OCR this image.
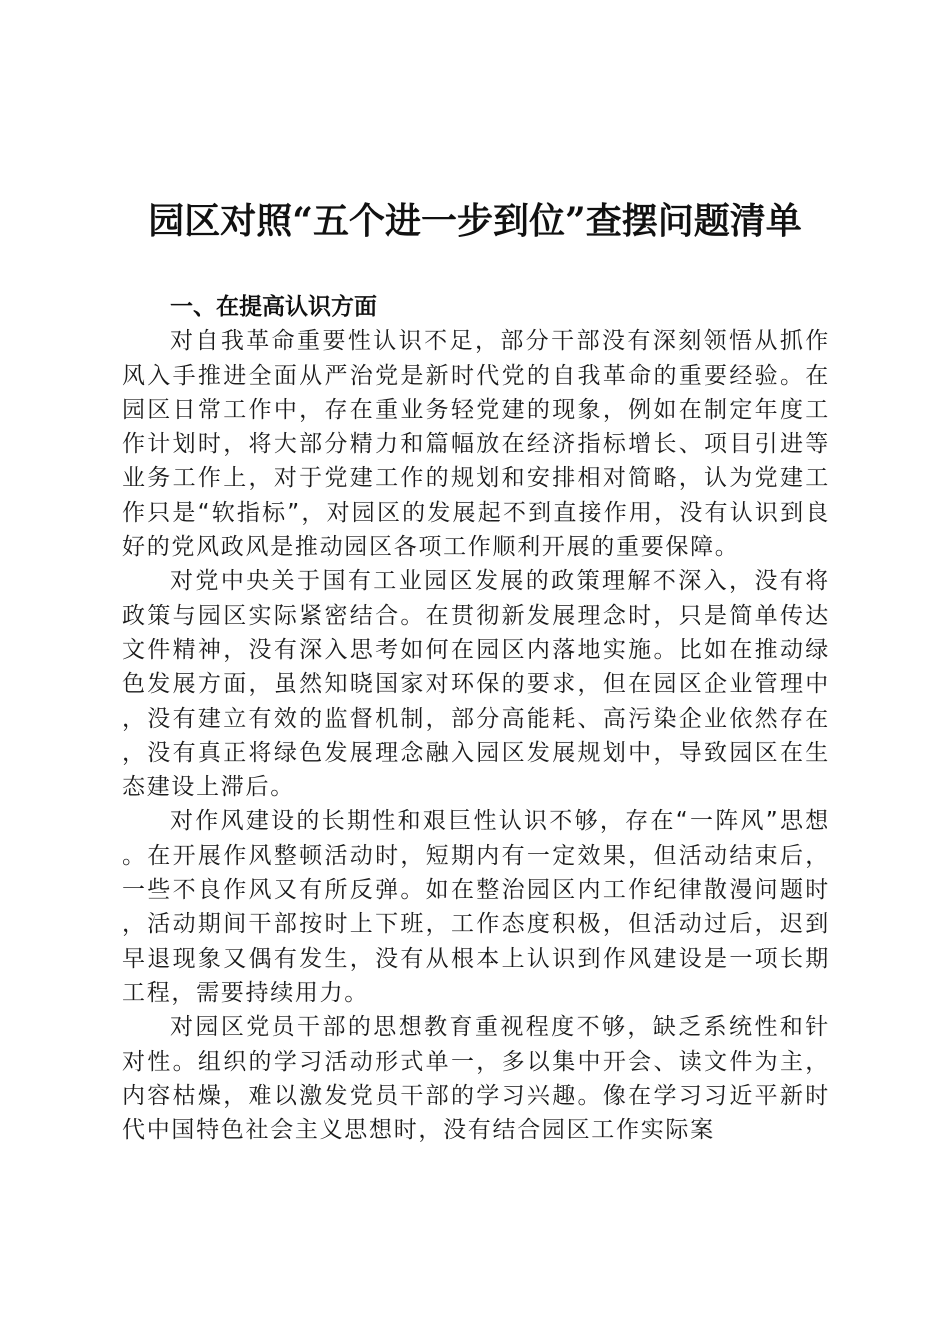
园区对照“五个进一步到位”查摆问题清单

一、在提高认识方面

对自我革命重要性认识不足，部分干部没有深刻领悟从抓作风入手推进全面从严治党是新时代党的自我革命的重要经验。在园区日常工作中，存在重业务轻党建的现象，例如在制定年度工作计划时，将大部分精力和篇幅放在经济指标增长、项目引进等业务工作上，对于党建工作的规划和安排相对简略，认为党建工作只是“软指标”，对园区的发展起不到直接作用，没有认识到良好的党风政风是推动园区各项工作顺利开展的重要保障。

对党中央关于国有工业园区发展的政策理解不深入，没有将政策与园区实际紧密结合。在贯彻新发展理念时，只是简单传达文件精神，没有深入思考如何在园区内落地实施。比如在推动绿色发展方面，虽然知晓国家对环保的要求，但在园区企业管理中，没有建立有效的监督机制，部分高能耗、高污染企业依然存在，没有真正将绿色发展理念融入园区发展规划中，导致园区在生态建设上滞后。

对作风建设的长期性和艰巨性认识不够，存在“一阵风”思想。在开展作风整顿活动时，短期内有一定效果，但活动结束后，一些不良作风又有所反弹。如在整治园区内工作纪律散漫问题时，活动期间干部按时上下班，工作态度积极，但活动过后，迟到早退现象又偶有发生，没有从根本上认识到作风建设是一项长期工程，需要持续用力。

对园区党员干部的思想教育重视程度不够，缺乏系统性和针对性。组织的学习活动形式单一，多以集中开会、读文件为主，内容枯燥，难以激发党员干部的学习兴趣。像在学习习近平新时代中国特色社会主义思想时，没有结合园区工作实际案
